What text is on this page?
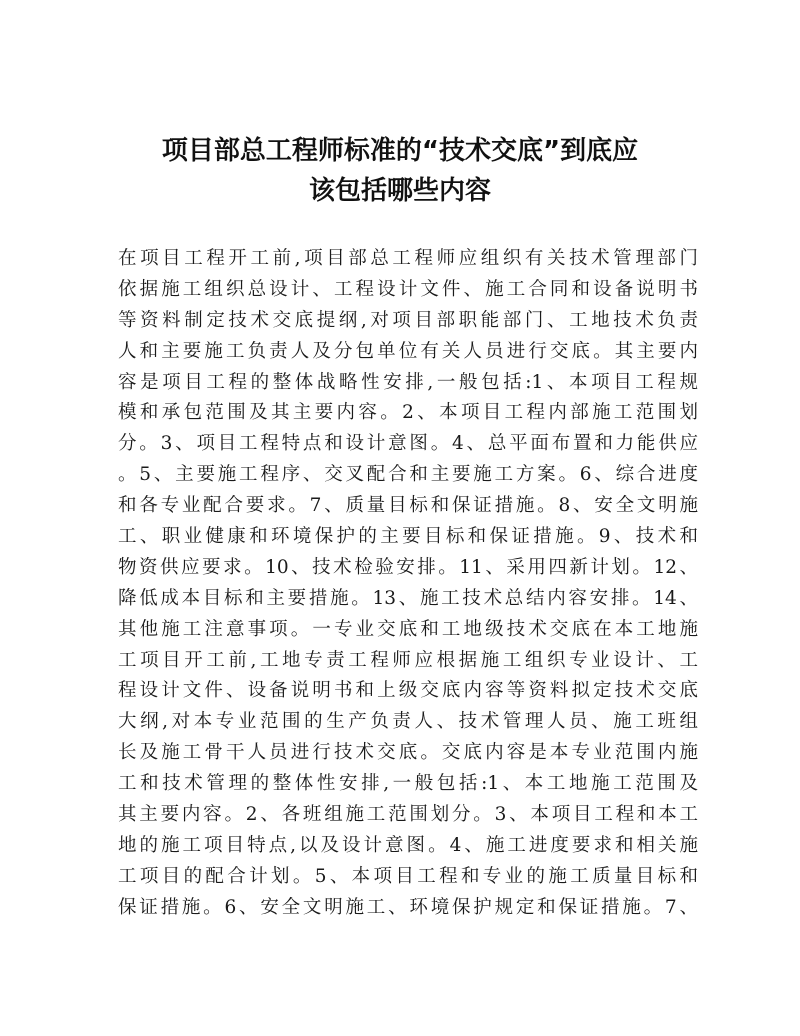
项目部总工程师标准的“技术交底”到底应
该包括哪些内容
在项目工程开工前,项目部总工程师应组织有关技术管理部门
依据施工组织总设计、工程设计文件、施工合同和设备说明书
等资料制定技术交底提纲,对项目部职能部门、工地技术负责
人和主要施工负责人及分包单位有关人员进行交底。其主要内
容是项目工程的整体战略性安排,一般包括:1、本项目工程规
模和承包范围及其主要内容。2、本项目工程内部施工范围划
分。3、项目工程特点和设计意图。4、总平面布置和力能供应
。5、主要施工程序、交叉配合和主要施工方案。6、综合进度
和各专业配合要求。7、质量目标和保证措施。8、安全文明施
工、职业健康和环境保护的主要目标和保证措施。9、技术和
物资供应要求。10、技术检验安排。11、采用四新计划。12、
降低成本目标和主要措施。13、施工技术总结内容安排。14、
其他施工注意事项。一专业交底和工地级技术交底在本工地施
工项目开工前,工地专责工程师应根据施工组织专业设计、工
程设计文件、设备说明书和上级交底内容等资料拟定技术交底
大纲,对本专业范围的生产负责人、技术管理人员、施工班组
长及施工骨干人员进行技术交底。交底内容是本专业范围内施
工和技术管理的整体性安排,一般包括:1、本工地施工范围及
其主要内容。2、各班组施工范围划分。3、本项目工程和本工
地的施工项目特点,以及设计意图。4、施工进度要求和相关施
工项目的配合计划。5、本项目工程和专业的施工质量目标和
保证措施。6、安全文明施工、环境保护规定和保证措施。7、
